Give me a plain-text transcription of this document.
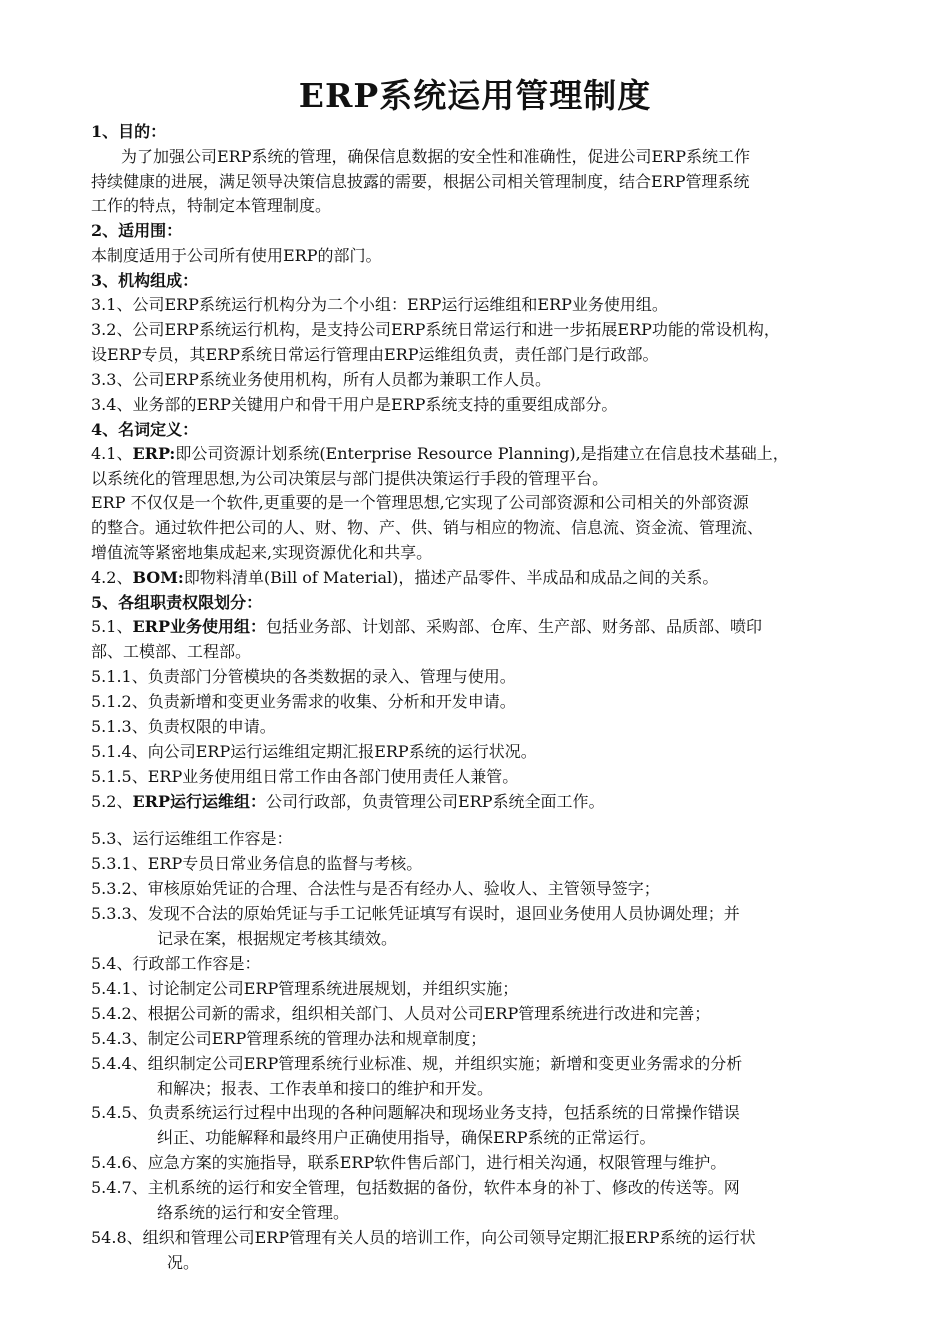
ERP系统运用管理制度
1、目的：
为了加强公司ERP系统的管理，确保信息数据的安全性和准确性，促进公司ERP系统工作
持续健康的进展，满足领导决策信息披露的需要，根据公司相关管理制度，结合ERP管理系统
工作的特点，特制定本管理制度。
2、适用围：
本制度适用于公司所有使用ERP的部门。
3、机构组成：
3.1、公司ERP系统运行机构分为二个小组：ERP运行运维组和ERP业务使用组。
3.2、公司ERP系统运行机构，是支持公司ERP系统日常运行和进一步拓展ERP功能的常设机构，
设ERP专员，其ERP系统日常运行管理由ERP运维组负责，责任部门是行政部。
3.3、公司ERP系统业务使用机构，所有人员都为兼职工作人员。
3.4、业务部的ERP关键用户和骨干用户是ERP系统支持的重要组成部分。
4、名词定义：
4.1、ERP:即公司资源计划系统(Enterprise Resource Planning),是指建立在信息技术基础上，
以系统化的管理思想,为公司决策层与部门提供决策运行手段的管理平台。
ERP 不仅仅是一个软件,更重要的是一个管理思想,它实现了公司部资源和公司相关的外部资源
的整合。通过软件把公司的人、财、物、产、供、销与相应的物流、信息流、资金流、管理流、
增值流等紧密地集成起来,实现资源优化和共享。
4.2、BOM:即物料清单(Bill of Material)，描述产品零件、半成品和成品之间的关系。
5、各组职责权限划分：
5.1、ERP业务使用组：包括业务部、计划部、采购部、仓库、生产部、财务部、品质部、喷印
部、工模部、工程部。
5.1.1、负责部门分管模块的各类数据的录入、管理与使用。
5.1.2、负责新增和变更业务需求的收集、分析和开发申请。
5.1.3、负责权限的申请。
5.1.4、向公司ERP运行运维组定期汇报ERP系统的运行状况。
5.1.5、ERP业务使用组日常工作由各部门使用责任人兼管。
5.2、ERP运行运维组：公司行政部，负责管理公司ERP系统全面工作。
5.3、运行运维组工作容是：
5.3.1、ERP专员日常业务信息的监督与考核。
5.3.2、审核原始凭证的合理、合法性与是否有经办人、验收人、主管领导签字；
5.3.3、发现不合法的原始凭证与手工记帐凭证填写有误时，退回业务使用人员协调处理；并
记录在案，根据规定考核其绩效。
5.4、行政部工作容是：
5.4.1、讨论制定公司ERP管理系统进展规划，并组织实施；
5.4.2、根据公司新的需求，组织相关部门、人员对公司ERP管理系统进行改进和完善；
5.4.3、制定公司ERP管理系统的管理办法和规章制度；
5.4.4、组织制定公司ERP管理系统行业标准、规，并组织实施；新增和变更业务需求的分析
和解决；报表、工作表单和接口的维护和开发。
5.4.5、负责系统运行过程中出现的各种问题解决和现场业务支持，包括系统的日常操作错误
纠正、功能解释和最终用户正确使用指导，确保ERP系统的正常运行。
5.4.6、应急方案的实施指导，联系ERP软件售后部门，进行相关沟通，权限管理与维护。
5.4.7、主机系统的运行和安全管理，包括数据的备份，软件本身的补丁、修改的传送等。网
络系统的运行和安全管理。
54.8、组织和管理公司ERP管理有关人员的培训工作，向公司领导定期汇报ERP系统的运行状
况。
